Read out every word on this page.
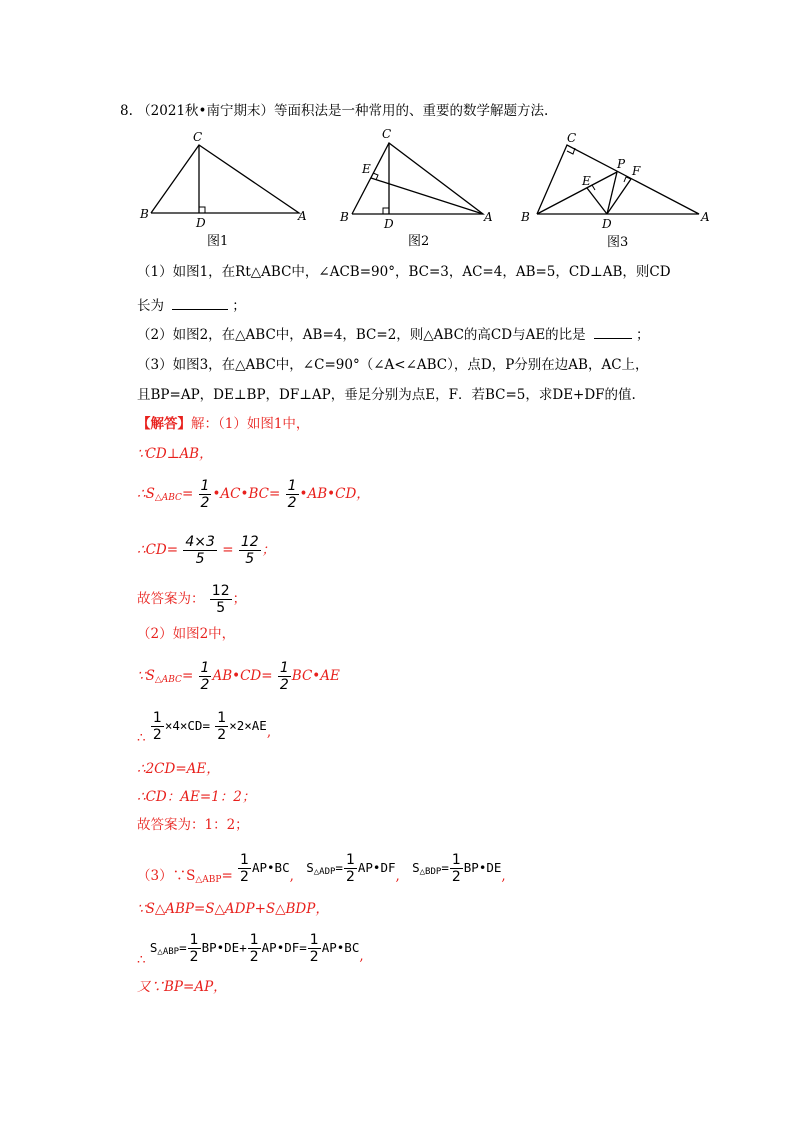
8. （2021秋•南宁期末）等面积法是一种常用的、重要的数学解题方法.
C
B
D	A
图1
C
E
B	D	A
图2
C
P F
E
B	D	A
图3
（1）如图1，在Rt△ABC中，∠ACB=90°，BC=3，AC=4，AB=5，CD⊥AB，则CD
长为	；
（2）如图2，在△ABC中，AB=4，BC=2，则△ABC的高CD与AE的比是	；
（3）如图3，在△ABC中，∠C=90°（∠A<∠ABC），点D，P分别在边AB，AC上，
且BP=AP，DE⊥BP，DF⊥AP，垂足分别为点E，F．若BC=5，求DE+DF的值.
【解答】解：（1）如图1中，
∵CD⊥AB，
$\therefore S_{\triangle ABC}= \frac{1}{2}$ •AC•BC= $\frac{1}{2}$ •AB•CD，
∴CD= $\frac{4\times 3}{5} = \frac{12}{5}$ ；
故答案为： $\frac{12}{5}$ ；
（2）如图2中，
$\because S_{\triangle ABC}= \frac{1}{2}$ AB•CD= $\frac{1}{2}$ BC•AE
∴ $\frac{1}{2} \times 4\times CD= \frac{1}{2} \times 2\times AE$,
∴2CD=AE，
∴CD：AE=1：2；
故答案为：1：2；
$(3)\because S_{\triangle ABP}= \frac{1}{2}$ AP•BC, $S_{\triangle ADP}= \frac{1}{2}$ AP•DF, $S_{\triangle BDP}= \frac{1}{2}$ BP•DE,
∵S△ABP=S△ADP+S△BDP，
∴ $S_{\triangle ABP}= \frac{1}{2}$ BP•DE+ $\frac{1}{2}$ AP•DF= $\frac{1}{2}$ AP•BC,
又∵BP=AP，
